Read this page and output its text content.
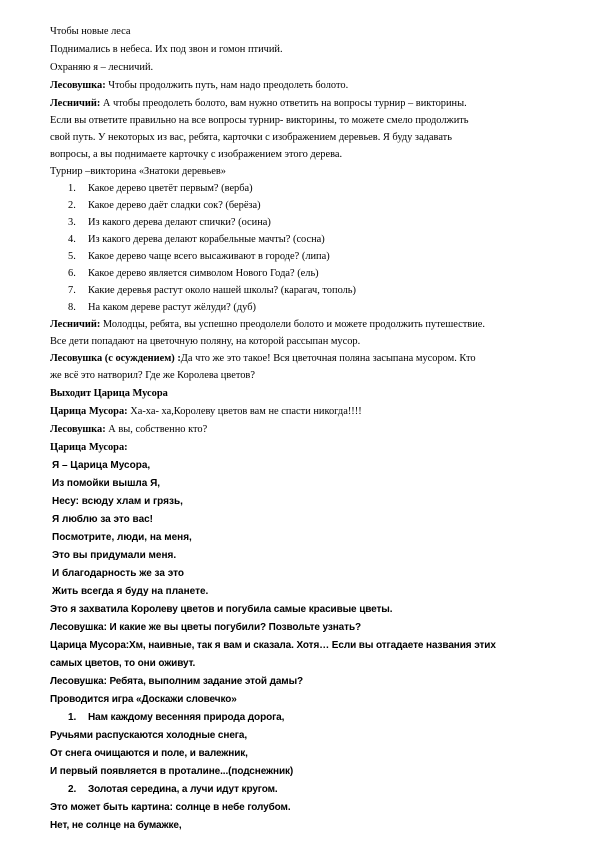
Чтобы новые леса
Поднимались в небеса. Их под звон и гомон птичий.
Охраняю я – лесничий.
Лесовушка: Чтобы продолжить путь, нам надо преодолеть болото.
Лесничий: А чтобы преодолеть болото, вам нужно ответить на вопросы турнир – викторины.
Если вы ответите правильно на все вопросы турнир- викторины, то можете смело продолжить
свой путь. У некоторых из вас, ребята, карточки с изображением деревьев. Я буду задавать
вопросы, а вы поднимаете карточку с изображением этого дерева.
Турнир –викторина «Знатоки деревьев»
1. Какое дерево цветёт первым? (верба)
2. Какое дерево даёт сладки сок? (берёза)
3. Из какого дерева делают спички? (осина)
4. Из какого дерева делают корабельные мачты? (сосна)
5. Какое дерево чаще всего высаживают в городе? (липа)
6. Какое дерево является символом Нового Года? (ель)
7. Какие деревья растут около нашей школы? (карагач, тополь)
8. На каком дереве растут жёлуди? (дуб)
Лесничий: Молодцы, ребята, вы успешно преодолели болото и можете продолжить путешествие.
Все дети попадают на цветочную поляну, на которой рассыпан мусор.
Лесовушка (с осуждением) :Да что же это такое! Вся цветочная поляна засыпана мусором. Кто
же всё это натворил? Где же Королева цветов?
Выходит Царица Мусора
Царица Мусора: Ха-ха- ха,Королеву цветов вам не спасти никогда!!!!
Лесовушка: А вы, собственно кто?
Царица Мусора:
Я – Царица Мусора,
Из помойки вышла Я,
Несу: всюду хлам и грязь,
Я люблю за это вас!
Посмотрите, люди, на меня,
Это вы придумали меня.
И благодарность же за это
Жить всегда я буду на планете.
Это я захватила Королеву цветов и погубила самые красивые цветы.
Лесовушка: И какие же вы цветы погубили? Позвольте узнать?
Царица Мусора:Хм, наивные, так я вам и сказала. Хотя… Если вы отгадаете названия этих
самых цветов, то они оживут.
Лесовушка: Ребята, выполним задание этой дамы?
Проводится игра «Доскажи словечко»
1. Нам каждому весенняя природа дорога,
Ручьями распускаются холодные снега,
От снега очищаются и поле, и валежник,
И первый появляется в проталине...(подснежник)
2. Золотая середина, а лучи идут кругом.
Это может быть картина: солнце в небе голубом.
Нет, не солнце на бумажке,
